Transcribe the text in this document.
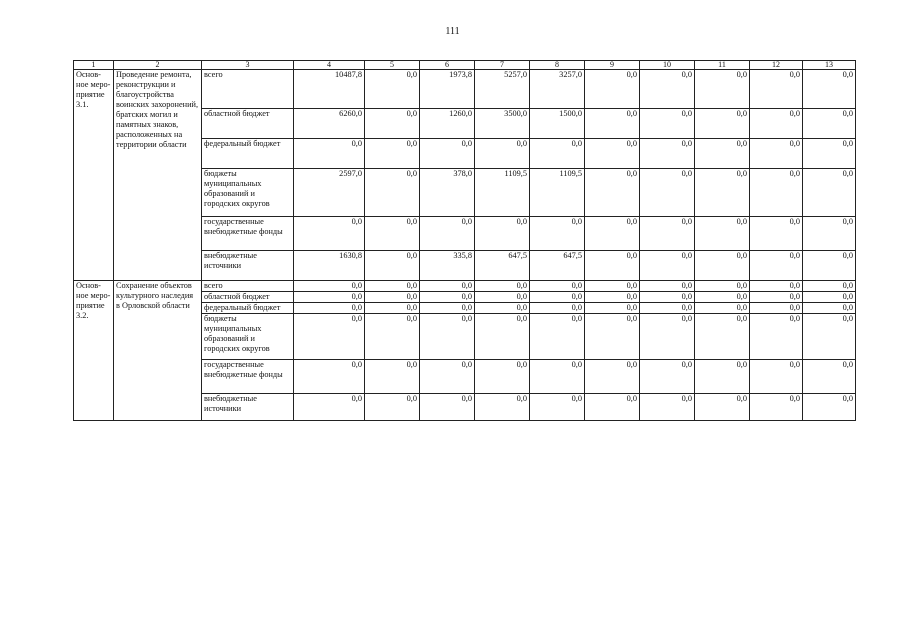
111
1	2	3	4	5	6	7	8	9	10	11	12	13
Основ-ное меро-приятие 3.1.	Проведение ремонта, реконструкции и благоустройства воинских захоронений, братских могил и памятных знаков, расположенных на территории области	всего	10487,8	0,0	1973,8	5257,0	3257,0	0,0	0,0	0,0	0,0	0,0
		областной бюджет	6260,0	0,0	1260,0	3500,0	1500,0	0,0	0,0	0,0	0,0	0,0
		федеральный бюджет	0,0	0,0	0,0	0,0	0,0	0,0	0,0	0,0	0,0	0,0
		бюджеты муниципальных образований и городских округов	2597,0	0,0	378,0	1109,5	1109,5	0,0	0,0	0,0	0,0	0,0
		государственные внебюджетные фонды	0,0	0,0	0,0	0,0	0,0	0,0	0,0	0,0	0,0	0,0
		внебюджетные источники	1630,8	0,0	335,8	647,5	647,5	0,0	0,0	0,0	0,0	0,0
Основ-ное меро-приятие 3.2.	Сохранение объектов культурного наследия в Орловской области	всего	0,0	0,0	0,0	0,0	0,0	0,0	0,0	0,0	0,0	0,0
		областной бюджет	0,0	0,0	0,0	0,0	0,0	0,0	0,0	0,0	0,0	0,0
		федеральный бюджет	0,0	0,0	0,0	0,0	0,0	0,0	0,0	0,0	0,0	0,0
		бюджеты муниципальных образований и городских округов	0,0	0,0	0,0	0,0	0,0	0,0	0,0	0,0	0,0	0,0
		государственные внебюджетные фонды	0,0	0,0	0,0	0,0	0,0	0,0	0,0	0,0	0,0	0,0
		внебюджетные источники	0,0	0,0	0,0	0,0	0,0	0,0	0,0	0,0	0,0	0,0
